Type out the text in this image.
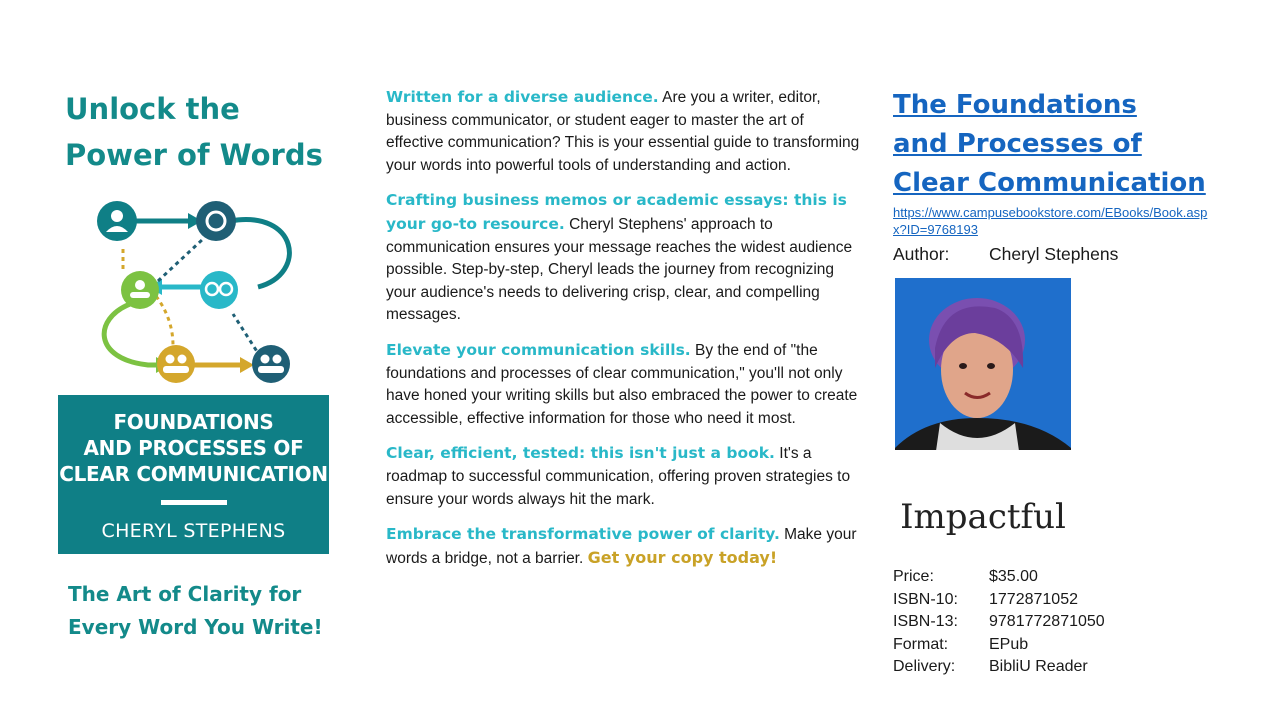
Unlock the
Power of Words
FOUNDATIONS
AND PROCESSES OF
CLEAR COMMUNICATION
CHERYL STEPHENS

The Art of Clarity for
Every Word You Write!

Written for a diverse audience. Are you a writer, editor, business communicator, or student eager to master the art of effective communication? This is your essential guide to transforming your words into powerful tools of understanding and action.

Crafting business memos or academic essays: this is your go-to resource. Cheryl Stephens' approach to communication ensures your message reaches the widest audience possible. Step-by-step, Cheryl leads the journey from recognizing your audience's needs to delivering crisp, clear, and compelling messages.

Elevate your communication skills. By the end of "the foundations and processes of clear communication," you'll not only have honed your writing skills but also embraced the power to create accessible, effective information for those who need it most.

Clear, efficient, tested: this isn't just a book. It's a roadmap to successful communication, offering proven strategies to ensure your words always hit the mark.

Embrace the transformative power of clarity. Make your words a bridge, not a barrier. Get your copy today!

The Foundations
and Processes of
Clear Communication
https://www.campusebookstore.com/EBooks/Book.aspx?ID=9768193
Author:	Cheryl Stephens
Impactful
Price:	$35.00
ISBN-10:	1772871052
ISBN-13:	9781772871050
Format:	EPub
Delivery:	BibliU Reader
